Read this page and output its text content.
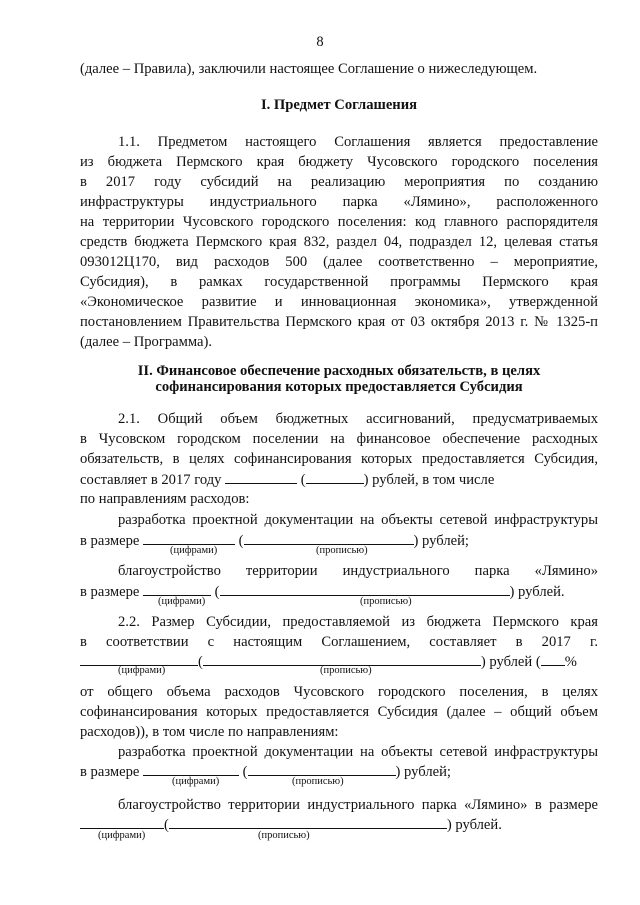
8
(далее – Правила), заключили настоящее Соглашение о нижеследующем.
I. Предмет Соглашения
1.1. Предметом настоящего Соглашения является предоставление
из бюджета Пермского края бюджету Чусовского городского поселения
в 2017 году субсидий на реализацию мероприятия по созданию
инфраструктуры индустриального парка «Лямино», расположенного
на территории Чусовского городского поселения: код главного распорядителя
средств бюджета Пермского края 832, раздел 04, подраздел 12, целевая статья
093012Ц170, вид расходов 500 (далее соответственно – мероприятие,
Субсидия), в рамках государственной программы Пермского края
«Экономическое развитие и инновационная экономика», утвержденной
постановлением Правительства Пермского края от 03 октября 2013 г. № 1325-п
(далее – Программа).
II. Финансовое обеспечение расходных обязательств, в целях
софинансирования которых предоставляется Субсидия
2.1. Общий объем бюджетных ассигнований, предусматриваемых
в Чусовском городском поселении на финансовое обеспечение расходных
обязательств, в целях софинансирования которых предоставляется Субсидия,
составляет в 2017 году	(	) рублей, в том числе
по направлениям расходов:
разработка проектной документации на объекты сетевой инфраструктуры
в размере	(	) рублей;
(цифрами)	(прописью)
благоустройство территории индустриального парка «Лямино»
в размере	(	) рублей.
(цифрами)	(прописью)
2.2. Размер Субсидии, предоставляемой из бюджета Пермского края
в соответствии с настоящим Соглашением, составляет в 2017 г.
(	) рублей ( %
(цифрами)	(прописью)
от общего объема расходов Чусовского городского поселения, в целях
софинансирования которых предоставляется Субсидия (далее – общий объем
расходов)), в том числе по направлениям:
разработка проектной документации на объекты сетевой инфраструктуры
в размере	(	) рублей;
(цифрами)	(прописью)
благоустройство территории индустриального парка «Лямино» в размере
(	) рублей.
(цифрами)	(прописью)
